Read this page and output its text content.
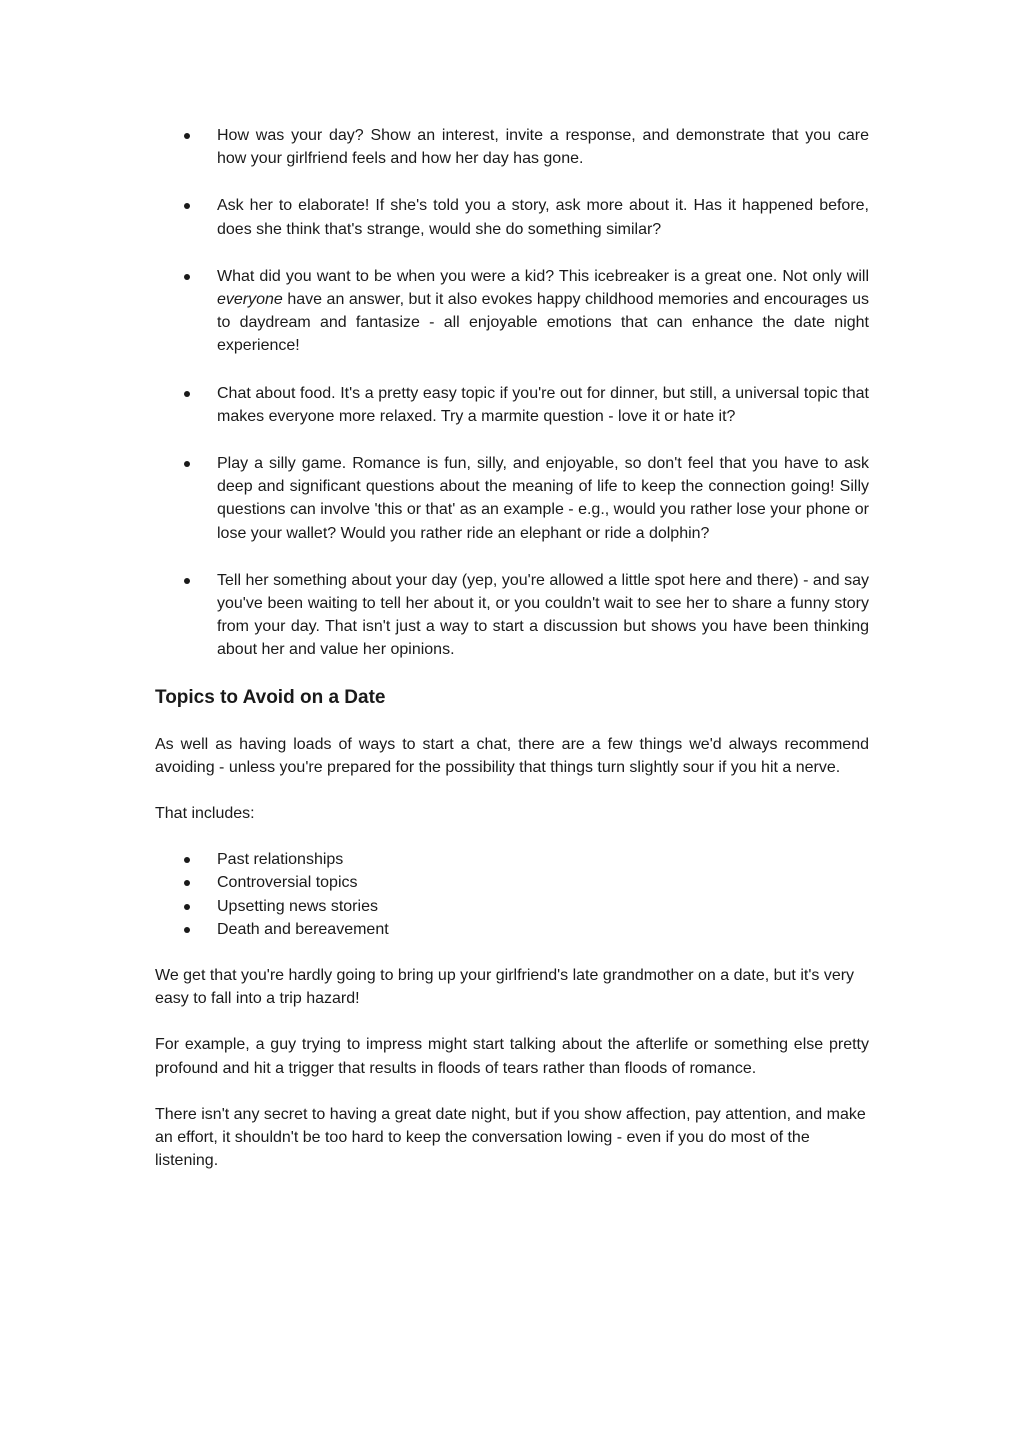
How was your day? Show an interest, invite a response, and demonstrate that you care how your girlfriend feels and how her day has gone.
Ask her to elaborate! If she's told you a story, ask more about it. Has it happened before, does she think that's strange, would she do something similar?
What did you want to be when you were a kid? This icebreaker is a great one. Not only will everyone have an answer, but it also evokes happy childhood memories and encourages us to daydream and fantasize - all enjoyable emotions that can enhance the date night experience!
Chat about food. It's a pretty easy topic if you're out for dinner, but still, a universal topic that makes everyone more relaxed. Try a marmite question - love it or hate it?
Play a silly game. Romance is fun, silly, and enjoyable, so don't feel that you have to ask deep and significant questions about the meaning of life to keep the connection going! Silly questions can involve 'this or that' as an example - e.g., would you rather lose your phone or lose your wallet? Would you rather ride an elephant or ride a dolphin?
Tell her something about your day (yep, you're allowed a little spot here and there) - and say you've been waiting to tell her about it, or you couldn't wait to see her to share a funny story from your day. That isn't just a way to start a discussion but shows you have been thinking about her and value her opinions.
Topics to Avoid on a Date

As well as having loads of ways to start a chat, there are a few things we'd always recommend avoiding - unless you're prepared for the possibility that things turn slightly sour if you hit a nerve.

That includes:

Past relationships
Controversial topics
Upsetting news stories
Death and bereavement

We get that you're hardly going to bring up your girlfriend's late grandmother on a date, but it's very easy to fall into a trip hazard!

For example, a guy trying to impress might start talking about the afterlife or something else pretty profound and hit a trigger that results in floods of tears rather than floods of romance.

There isn't any secret to having a great date night, but if you show affection, pay attention, and make an effort, it shouldn't be too hard to keep the conversation lowing - even if you do most of the listening.
